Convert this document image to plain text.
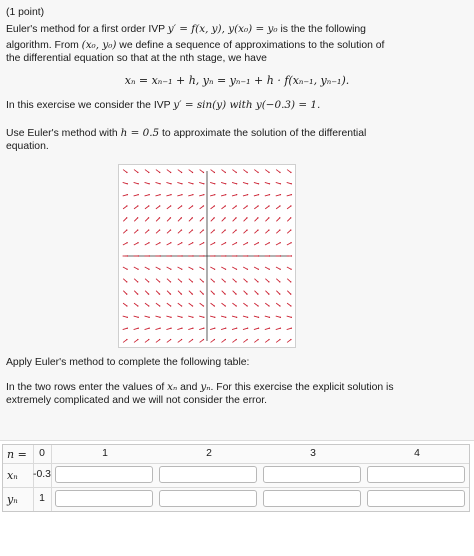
(1 point)
Euler's method for a first order IVP y′ = f(x, y), y(x₀) = y₀ is the the following
algorithm. From (x₀, y₀) we define a sequence of approximations to the solution of
the differential equation so that at the nth stage, we have
xₙ = xₙ₋₁ + h, yₙ = yₙ₋₁ + h · f(xₙ₋₁, yₙ₋₁).
In this exercise we consider the IVP y′ = sin(y) with y(−0.3) = 1.
Use Euler's method with h = 0.5 to approximate the solution of the differential
equation.
Apply Euler's method to complete the following table:
In the two rows enter the values of xₙ and yₙ. For this exercise the explicit solution is
extremely complicated and we will not consider the error.
n =	0	1	2	3	4
xₙ -0.3
yₙ	1
